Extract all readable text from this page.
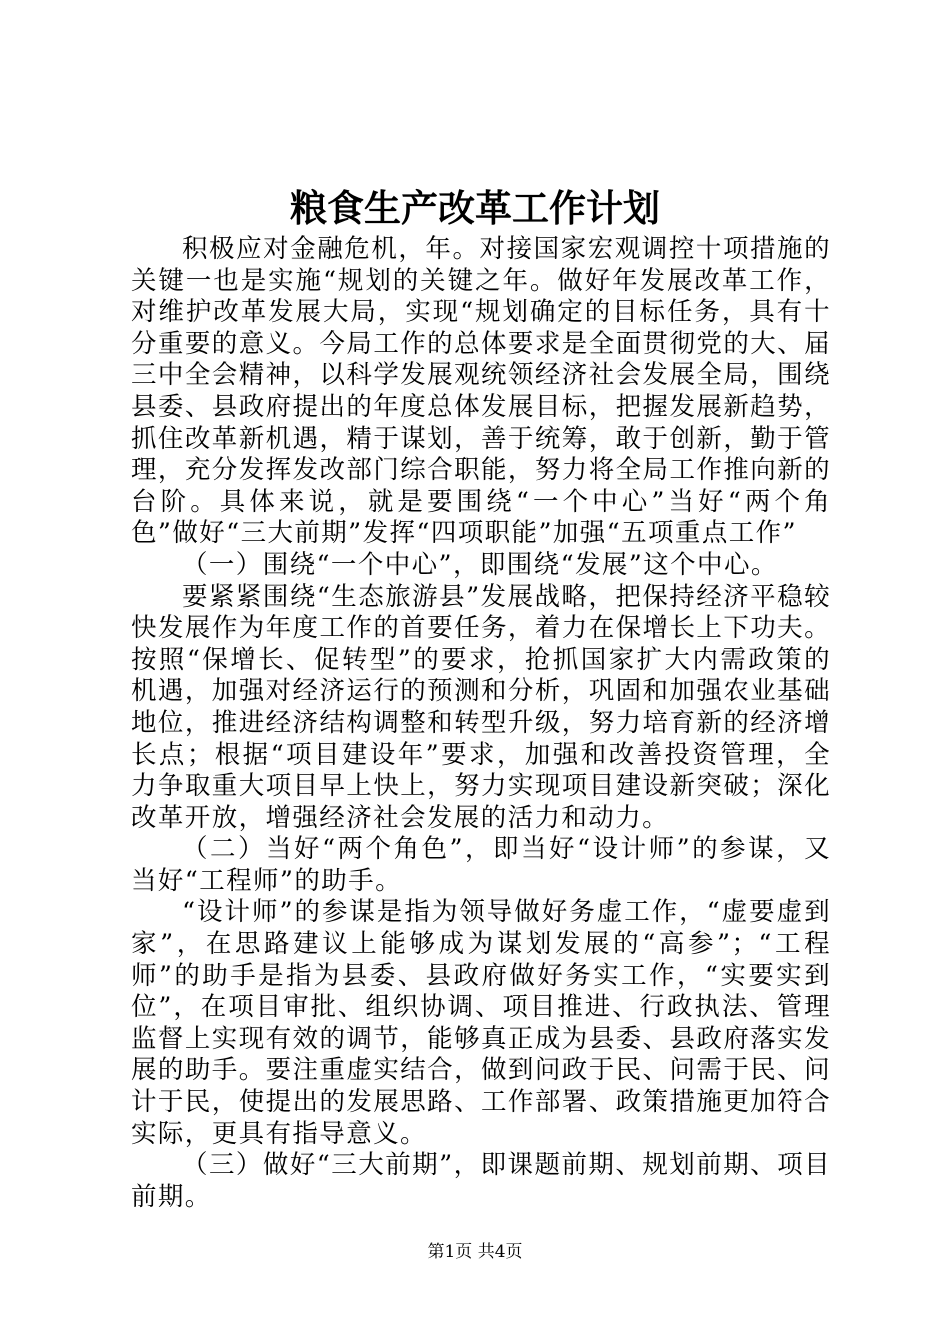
粮食生产改革工作计划

积极应对金融危机，年。对接国家宏观调控十项措施的关键一也是实施“规划的关键之年。做好年发展改革工作，对维护改革发展大局，实现“规划确定的目标任务，具有十分重要的意义。今局工作的总体要求是全面贯彻党的大、届三中全会精神，以科学发展观统领经济社会发展全局，围绕县委、县政府提出的年度总体发展目标，把握发展新趋势，抓住改革新机遇，精于谋划，善于统筹，敢于创新，勤于管理，充分发挥发改部门综合职能，努力将全局工作推向新的台阶。具体来说，就是要围绕“一个中心”当好“两个角色”做好“三大前期”发挥“四项职能”加强“五项重点工作”

（一）围绕“一个中心”，即围绕“发展”这个中心。

要紧紧围绕“生态旅游县”发展战略，把保持经济平稳较快发展作为年度工作的首要任务，着力在保增长上下功夫。按照“保增长、促转型”的要求，抢抓国家扩大内需政策的机遇，加强对经济运行的预测和分析，巩固和加强农业基础地位，推进经济结构调整和转型升级，努力培育新的经济增长点；根据“项目建设年”要求，加强和改善投资管理，全力争取重大项目早上快上，努力实现项目建设新突破；深化改革开放，增强经济社会发展的活力和动力。

（二）当好“两个角色”，即当好“设计师”的参谋，又当好“工程师”的助手。

“设计师”的参谋是指为领导做好务虚工作，“虚要虚到家”，在思路建议上能够成为谋划发展的“高参”；“工程师”的助手是指为县委、县政府做好务实工作，“实要实到位”，在项目审批、组织协调、项目推进、行政执法、管理监督上实现有效的调节，能够真正成为县委、县政府落实发展的助手。要注重虚实结合，做到问政于民、问需于民、问计于民，使提出的发展思路、工作部署、政策措施更加符合实际，更具有指导意义。

（三）做好“三大前期”，即课题前期、规划前期、项目前期。

第1页 共4页
